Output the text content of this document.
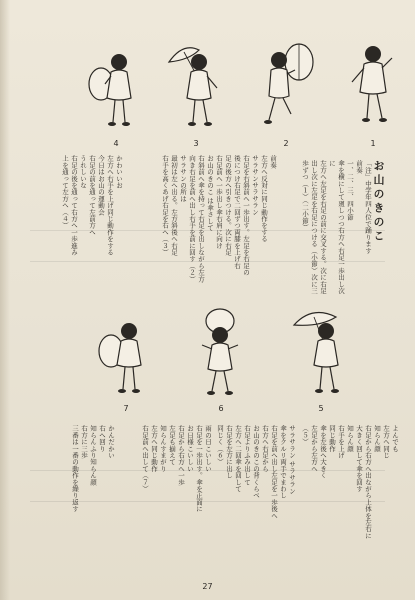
お山のきのこ
1
2
3
4

「注」中学年四人位で踊ります
前奏
一、二、三、四小節
傘を横にして廻しつつ右方へ右足一歩出し次に
左方へ左足を右足の前に交叉する。次に右足
出し次に左足を右足につける（小節）次に三
歩ずつ（１）（二小節）

前奏
左方へ反対に同じ動作をする
サラサンサラサラン
右足を右斜前へ一歩出す。左足を右足の
後につけ右足で二回ずつ両膝を上げ右
足の後方へ引きつける。次に右足
右足前へ一歩出し傘右肩に向け
お山のきのこ は傘さして
右斜前へ傘を持って右足を出しながら左方
向き右足を前へ出し右手を前に回す（２）
サラサンの所は
最初は左へ出る。左方斜後へ右足
右手を高くあげ右足を右へ（３）

かわいいお
左方へ右手を上げ同じ動作をする
今日はお山の運動会
右足の前を通って左前方へ
うれしいな
右足の後を通って右方へ一歩進み
上を通って左方へ（４）

5
6
7

よんでも
左方へ同じ
知らん顔
右足から右方へ出ながら上体を左右に
大きく回して傘を回す
知らん顔
右手を上げ
同じ動作
傘を左後へ大きく
左足から左方へ
（５）

サラサラン サラサラン
傘をクルリ両手でまわし
右足を前へ出し左足を一歩後へ
右方へ右足から
お山のきのこの背くらべ
右足よりふみ出して
左方へ二回傘を回して
右足を左方に出し
同じく（６）

雨の日こいしい
右足を一歩出す。傘を正面に
お日様こいしい
右足から右方へ一歩
左足も揃えて
知らんすまがり
左方へ同じ動作
右足前へ出して（７）

かんだかい
右へ回り
知らんふり知らん顔
右方に三歩
三番は一番の動作を繰り返す

27
